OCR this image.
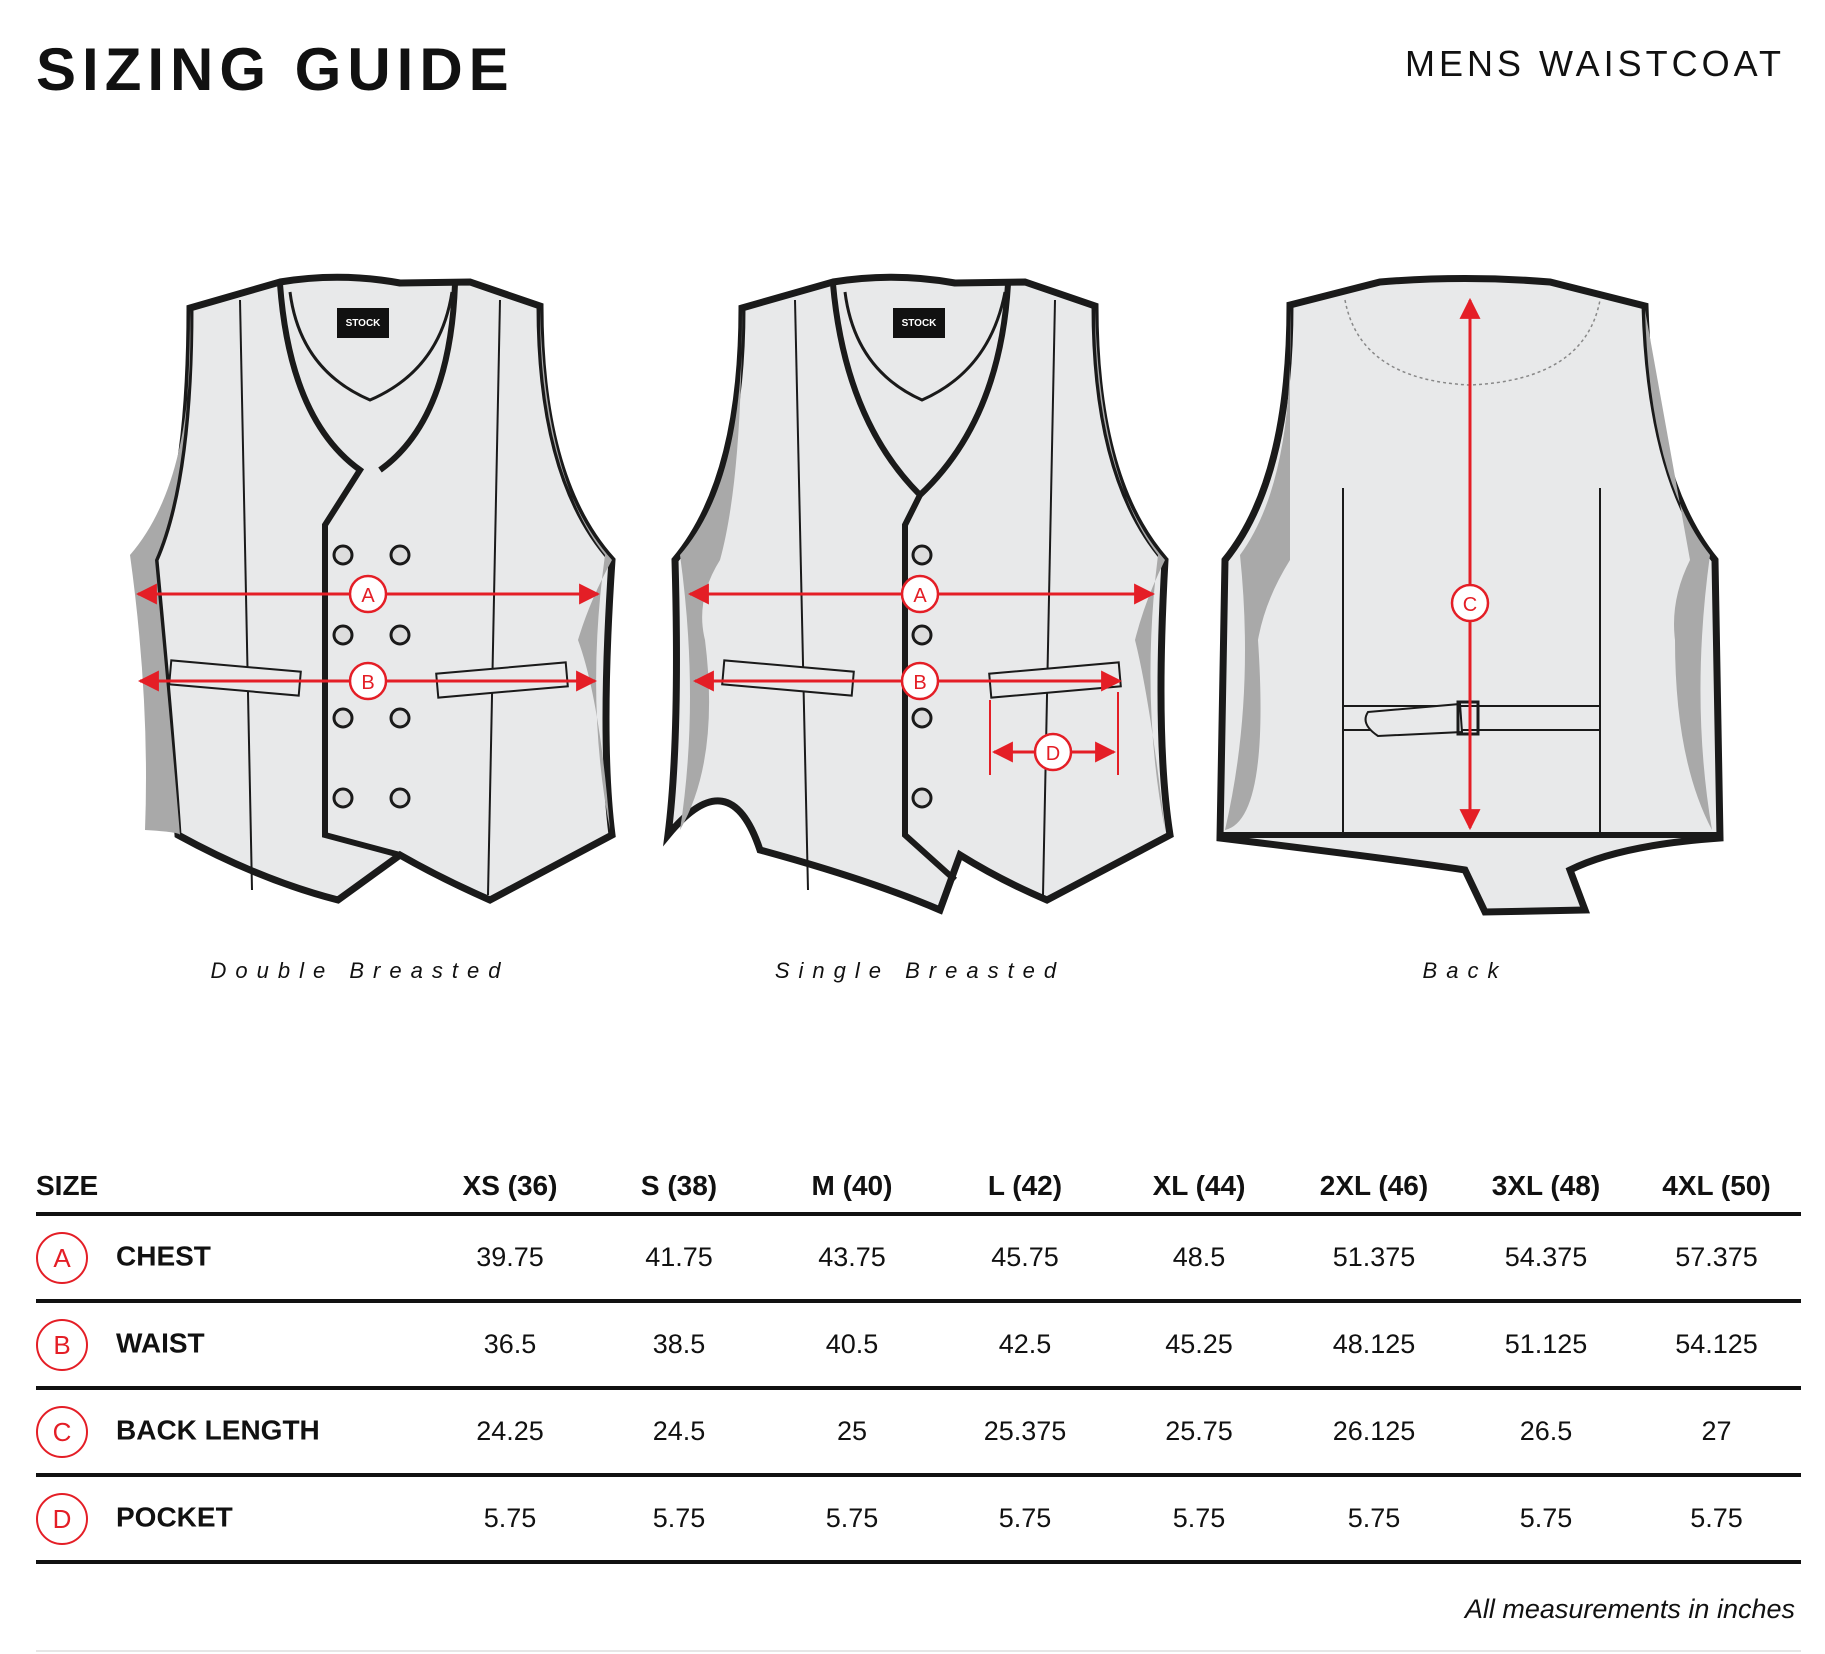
SIZING GUIDE	MENS WAISTCOAT

STOCK
A
B
STOCK
A
B
D
C
Double Breasted	Single Breasted	Back
SIZE	XS (36)	S (38)	M (40)	L (42)	XL (44)	2XL (46)	3XL (48)	4XL (50)
A CHEST	39.75	41.75	43.75	45.75	48.5	51.375	54.375	57.375
B WAIST	36.5	38.5	40.5	42.5	45.25	48.125	51.125	54.125
C BACK LENGTH	24.25	24.5	25	25.375	25.75	26.125	26.5	27
D POCKET	5.75	5.75	5.75	5.75	5.75	5.75	5.75	5.75

All measurements in inches
